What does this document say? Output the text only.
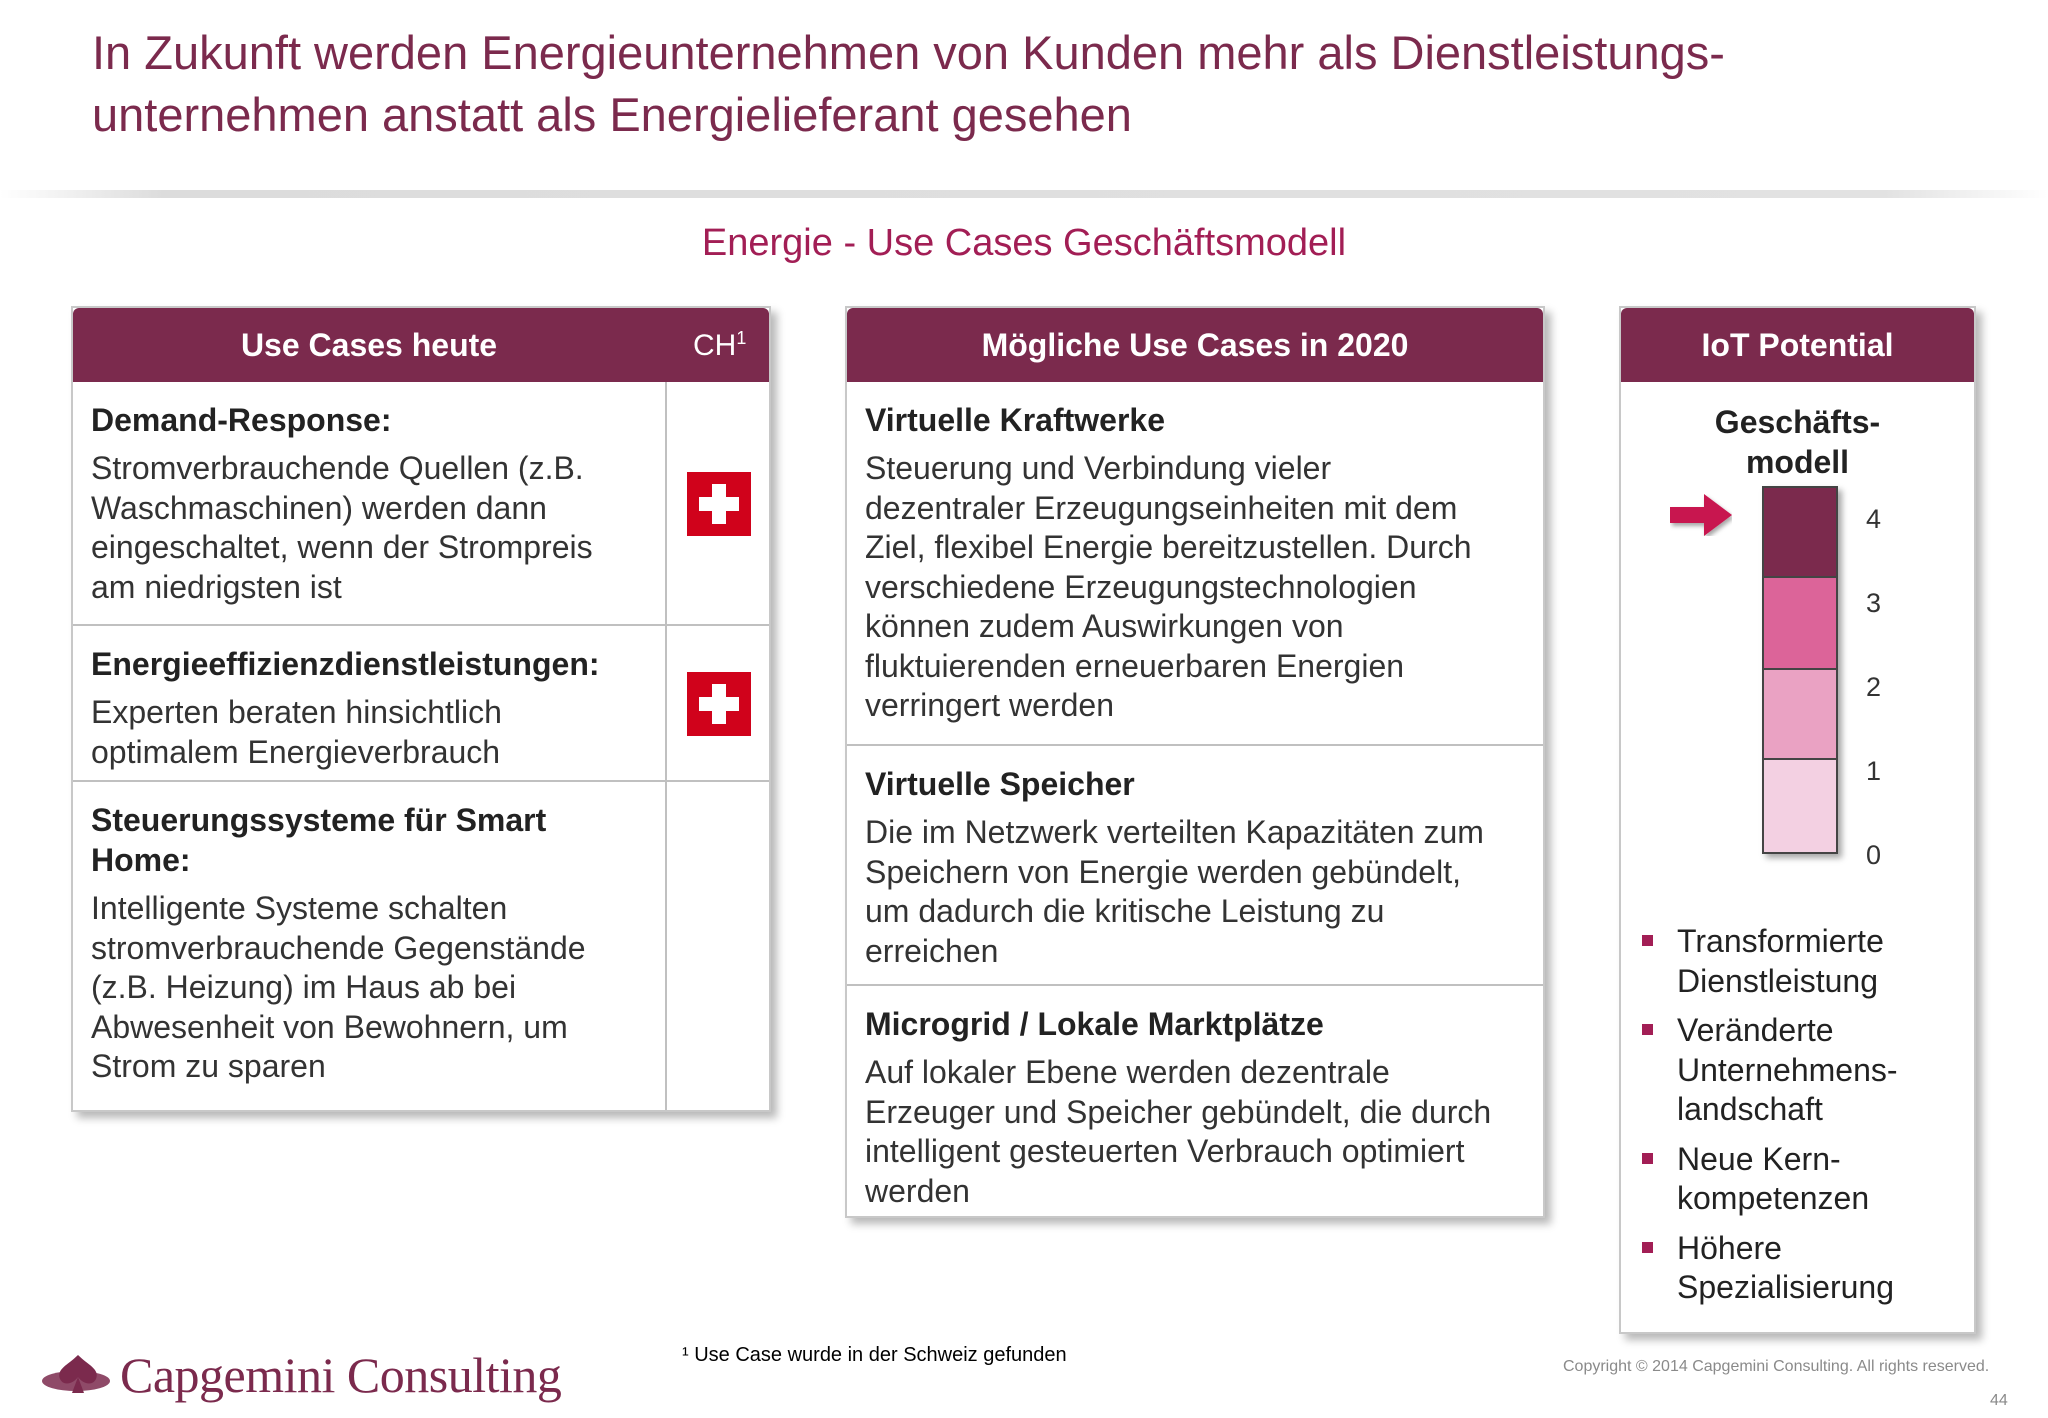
In Zukunft werden Energieunternehmen von Kunden mehr als Dienstleistungs-
unternehmen anstatt als Energielieferant gesehen
Energie - Use Cases Geschäftsmodell
Use Cases heute	$CH^1$
Demand-Response:
Stromverbrauchende Quellen (z.B.
Waschmaschinen) werden dann
eingeschaltet, wenn der Strompreis
am niedrigsten ist
Energieeffizienzdienstleistungen:
Experten beraten hinsichtlich
optimalem Energieverbrauch
Steuerungssysteme für Smart
Home:
Intelligente Systeme schalten
stromverbrauchende Gegenstände
(z.B. Heizung) im Haus ab bei
Abwesenheit von Bewohnern, um
Strom zu sparen
Mögliche Use Cases in 2020
Virtuelle Kraftwerke
Steuerung und Verbindung vieler
dezentraler Erzeugungseinheiten mit dem
Ziel, flexibel Energie bereitzustellen. Durch
verschiedene Erzeugungstechnologien
können zudem Auswirkungen von
fluktuierenden erneuerbaren Energien
verringert werden
Virtuelle Speicher
Die im Netzwerk verteilten Kapazitäten zum
Speichern von Energie werden gebündelt,
um dadurch die kritische Leistung zu
erreichen
Microgrid / Lokale Marktplätze
Auf lokaler Ebene werden dezentrale
Erzeuger und Speicher gebündelt, die durch
intelligent gesteuerten Verbrauch optimiert
werden
IoT Potential
Geschäfts-
modell
4
3
2
1
0
Transformierte
Dienstleistung
Veränderte
Unternehmens-
landschaft
Neue Kern-
kompetenzen
Höhere
Spezialisierung
Capgemini Consulting	¹ Use Case wurde in der Schweiz gefunden
Copyright © 2014 Capgemini Consulting. All rights reserved.
44
